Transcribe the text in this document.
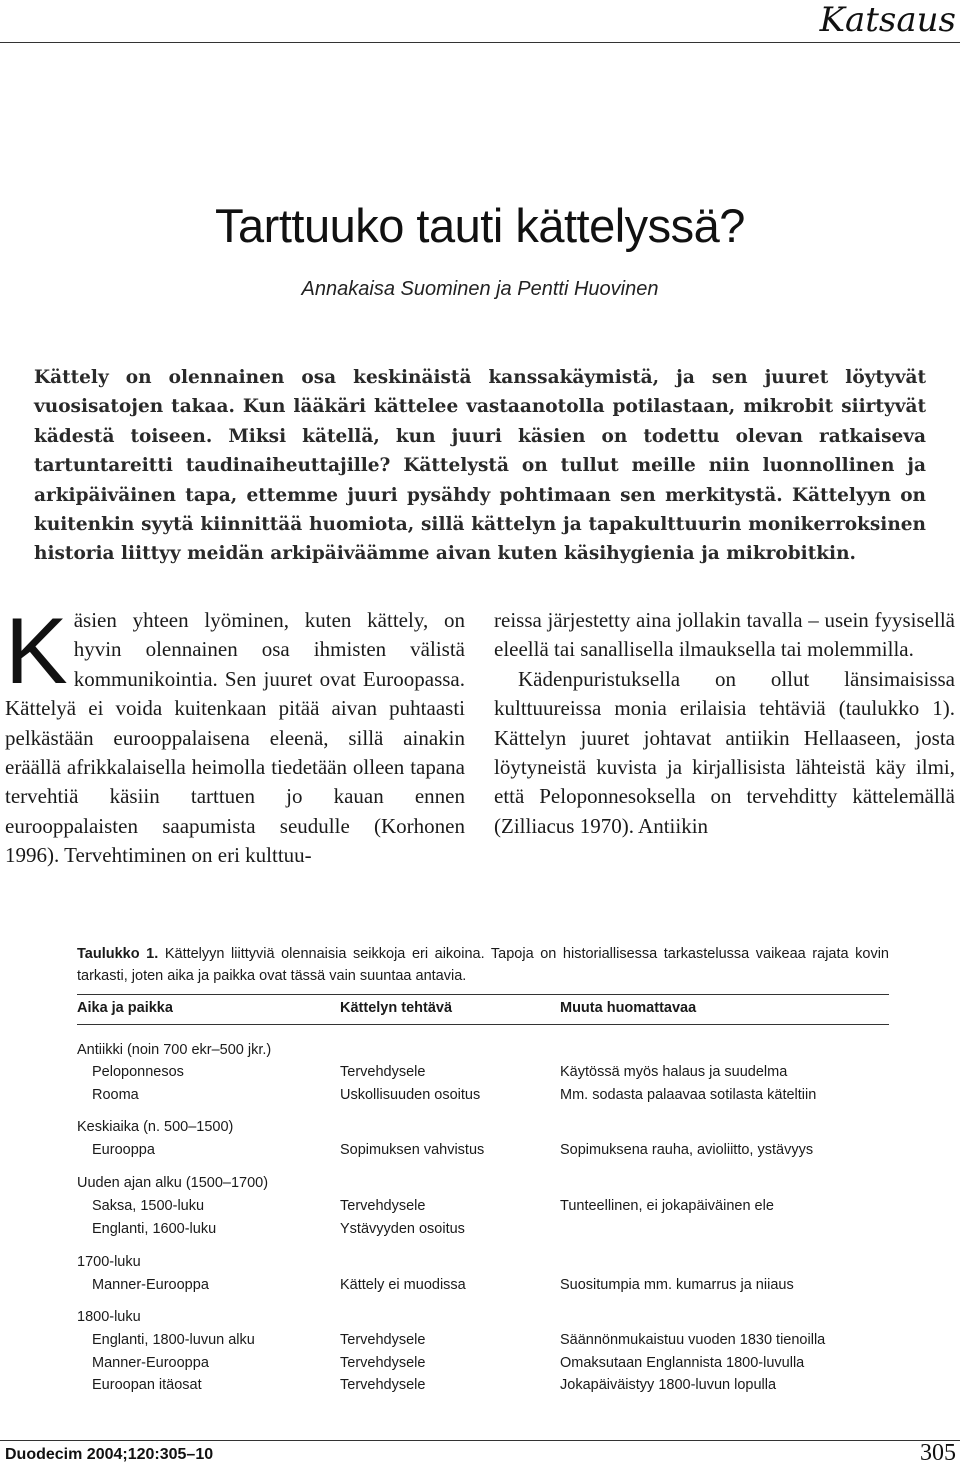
Katsaus
Tarttuuko tauti kättelyssä?
Annakaisa Suominen ja Pentti Huovinen

Kättely on olennainen osa keskinäistä kanssakäymistä, ja sen juuret löytyvät vuosisatojen takaa. Kun lääkäri kättelee vastaanotolla potilastaan, mikrobit siirtyvät kädestä toiseen. Miksi kätellä, kun juuri käsien on todettu olevan ratkaiseva tartuntareitti taudinaiheuttajille? Kättelystä on tullut meille niin luonnollinen ja arkipäiväinen tapa, ettemme juuri pysähdy pohtimaan sen merkitystä. Kättelyyn on kuitenkin syytä kiinnittää huomiota, sillä kättelyn ja tapakulttuurin monikerroksinen historia liittyy meidän arkipäiväämme aivan kuten käsihygienia ja mikrobitkin.

K äsien yhteen lyöminen, kuten kättely, on hyvin olennainen osa ihmisten välistä kommunikointia. Sen juuret ovat Euroopassa. Kättelyä ei voida kuitenkaan pitää aivan puhtaasti pelkästään eurooppalaisena eleenä, sillä ainakin eräällä afrikkalaisella heimolla tiedetään olleen tapana tervehtiä käsiin tarttuen jo kauan ennen eurooppalaisten saapumista seudulle (Korhonen 1996). Tervehtiminen on eri kulttuu-

reissa järjestetty aina jollakin tavalla – usein fyysisellä eleellä tai sanallisella ilmauksella tai molemmilla.

Kädenpuristuksella on ollut länsimaisissa kulttuureissa monia erilaisia tehtäviä (taulukko 1). Kättelyn juuret johtavat antiikin Hellaaseen, josta löytyneistä kuvista ja kirjallisista lähteistä käy ilmi, että Peloponnesoksella on tervehditty kättelemällä (Zilliacus 1970). Antiikin

Taulukko 1. Kättelyyn liittyviä olennaisia seikkoja eri aikoina. Tapoja on historiallisessa tarkastelussa vaikeaa rajata kovin tarkasti, joten aika ja paikka ovat tässä vain suuntaa antavia.
Aika ja paikka	Kättelyn tehtävä	Muuta huomattavaa
Antiikki (noin 700 ekr–500 jkr.)
Peloponnesos	Tervehdysele	Käytössä myös halaus ja suudelma
Rooma	Uskollisuuden osoitus	Mm. sodasta palaavaa sotilasta käteltiin
Keskiaika (n. 500–1500)
Eurooppa	Sopimuksen vahvistus	Sopimuksena rauha, avioliitto, ystävyys
Uuden ajan alku (1500–1700)
Saksa, 1500-luku	Tervehdysele	Tunteellinen, ei jokapäiväinen ele
Englanti, 1600-luku	Ystävyyden osoitus
1700-luku
Manner-Eurooppa	Kättely ei muodissa	Suositumpia mm. kumarrus ja niiaus
1800-luku
Englanti, 1800-luvun alku	Tervehdysele	Säännönmukaistuu vuoden 1830 tienoilla
Manner-Eurooppa	Tervehdysele	Omaksutaan Englannista 1800-luvulla
Euroopan itäosat	Tervehdysele	Jokapäiväistyy 1800-luvun lopulla
Duodecim 2004;120:305–10	305
